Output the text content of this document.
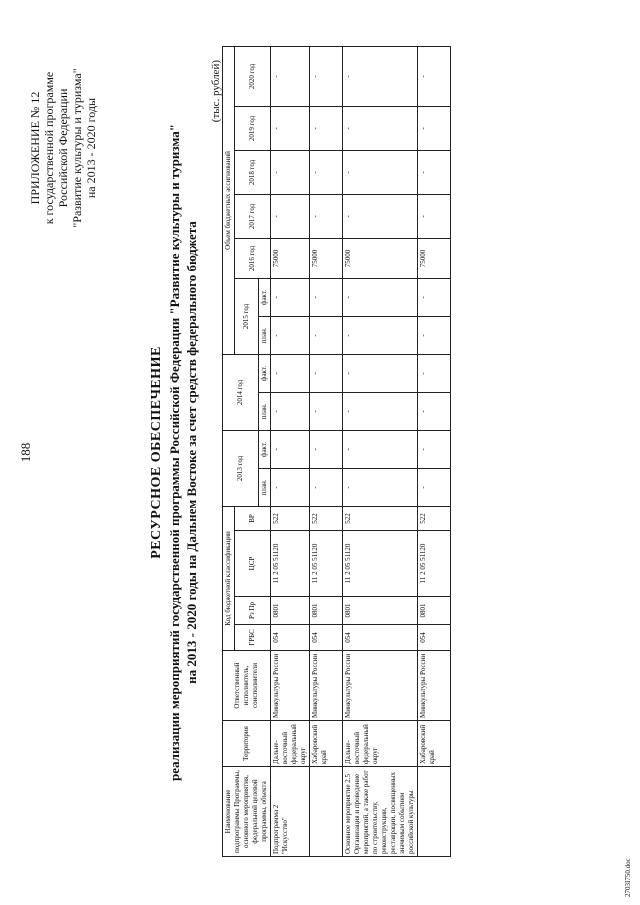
188
ПРИЛОЖЕНИЕ № 12 к государственной программе Российской Федерации "Развитие культуры и туризма" на 2013 - 2020 годы
РЕСУРСНОЕ ОБЕСПЕЧЕНИЕ реализации мероприятий государственной программы Российской Федерации "Развитие культуры и туризма" на 2013 - 2020 годы на Дальнем Востоке за счет средств федерального бюджета
(тыс. рублей)
Наименование подпрограммы Программы, основного мероприятия, федеральной целевой программы, объекта	Территория	Ответственный исполнитель, соисполнители	Код бюджетной классификации				2013 год		2014 год		Объем бюджетных ассигнований						
			ГРБС	Рз Пр	ЦСР	ВР					2015 год		2016 год	2017 год	2018 год	2019 год	2020 год
							план.	факт.	план.	факт.	план.	факт.					
Подпрограмма 2 "Искусство"	Дальне-восточный федеральный округ	Минкультуры России	054	0801	11 2 05 51120	522	-	-	-	-	-	-	75000	-	-	-	-
	Хабаровский край	Минкультуры России	054	0801	11 2 05 51120	522	-	-	-	-	-	-	75000	-	-	-	-
Основное мероприятие 2.5 Организация и проведение мероприятий, а также работ по строительству, реконструкции, реставрации, посвященных значимым событиям российской культуры	Дальне-восточный федеральный округ	Минкультуры России	054	0801	11 2 05 51120	522	-	-	-	-	-	-	75000	-	-	-	-
	Хабаровский край	Минкультуры России	054	0801	11 2 05 51120	522	-	-	-	-	-	-	75000	-	-	-	-
2703I750.doc
